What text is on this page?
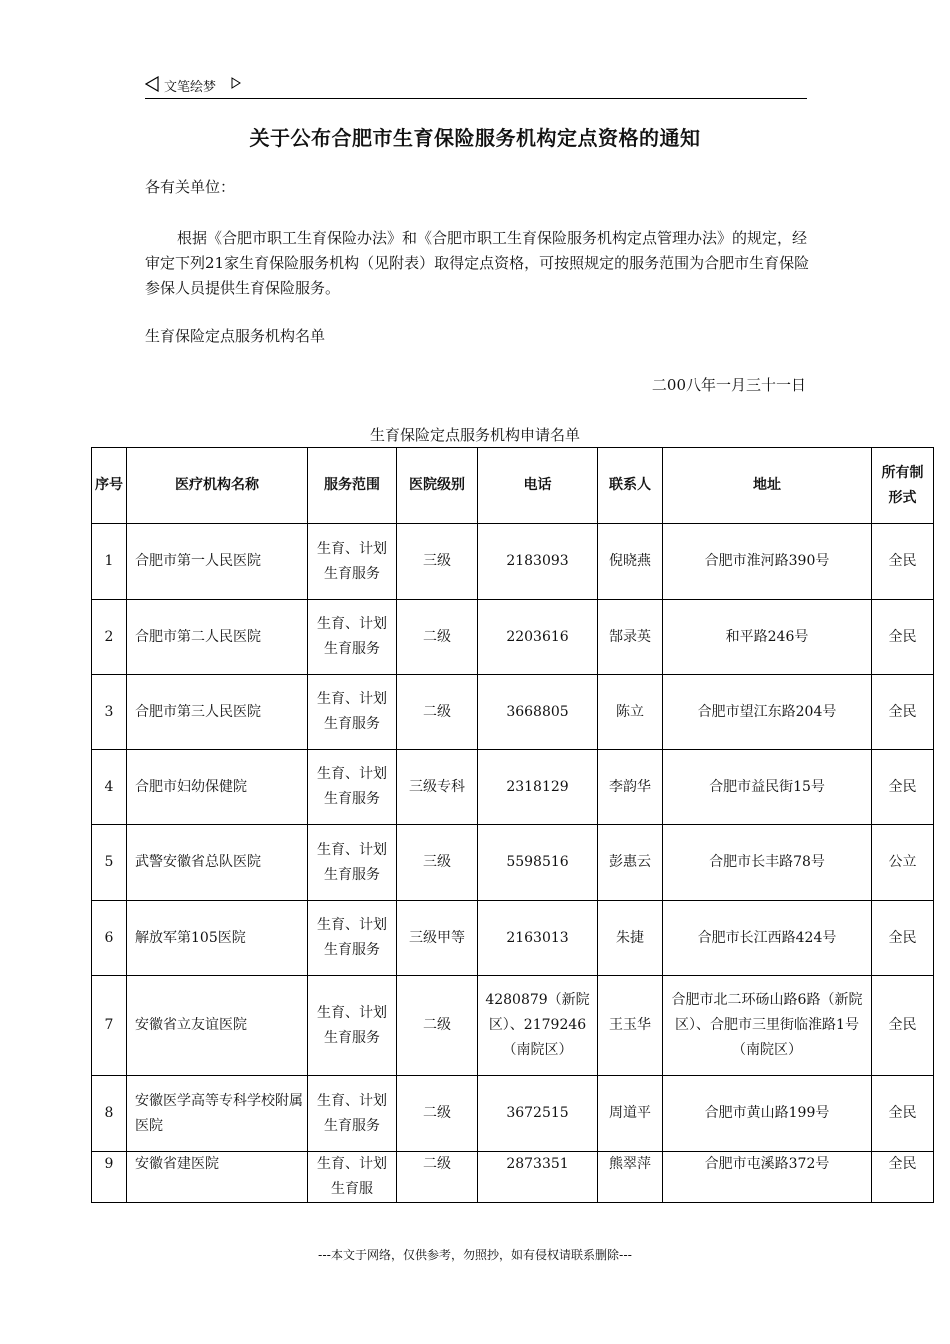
文笔绘梦
关于公布合肥市生育保险服务机构定点资格的通知
各有关单位：
根据《合肥市职工生育保险办法》和《合肥市职工生育保险服务机构定点管理办法》的规定，经审定下列21家生育保险服务机构（见附表）取得定点资格，可按照规定的服务范围为合肥市生育保险参保人员提供生育保险服务。
生育保险定点服务机构名单
二00八年一月三十一日
生育保险定点服务机构申请名单
序号	医疗机构名称	服务范围	医院级别	电话	联系人	地址	所有制形式
1	合肥市第一人民医院	生育、计划生育服务	三级	2183093	倪晓燕	合肥市淮河路390号	全民
2	合肥市第二人民医院	生育、计划生育服务	二级	2203616	郜录英	和平路246号	全民
3	合肥市第三人民医院	生育、计划生育服务	二级	3668805	陈立	合肥市望江东路204号	全民
4	合肥市妇幼保健院	生育、计划生育服务	三级专科	2318129	李韵华	合肥市益民街15号	全民
5	武警安徽省总队医院	生育、计划生育服务	三级	5598516	彭惠云	合肥市长丰路78号	公立
6	解放军第105医院	生育、计划生育服务	三级甲等	2163013	朱捷	合肥市长江西路424号	全民
7	安徽省立友谊医院	生育、计划生育服务	二级	4280879（新院区）、2179246（南院区）	王玉华	合肥市北二环砀山路6路（新院区）、合肥市三里街临淮路1号（南院区）	全民
8	安徽医学高等专科学校附属医院	生育、计划生育服务	二级	3672515	周道平	合肥市黄山路199号	全民
9	安徽省建医院	生育、计划生育服	二级	2873351	熊翠萍	合肥市屯溪路372号	全民
---本文于网络，仅供参考，勿照抄，如有侵权请联系删除---
